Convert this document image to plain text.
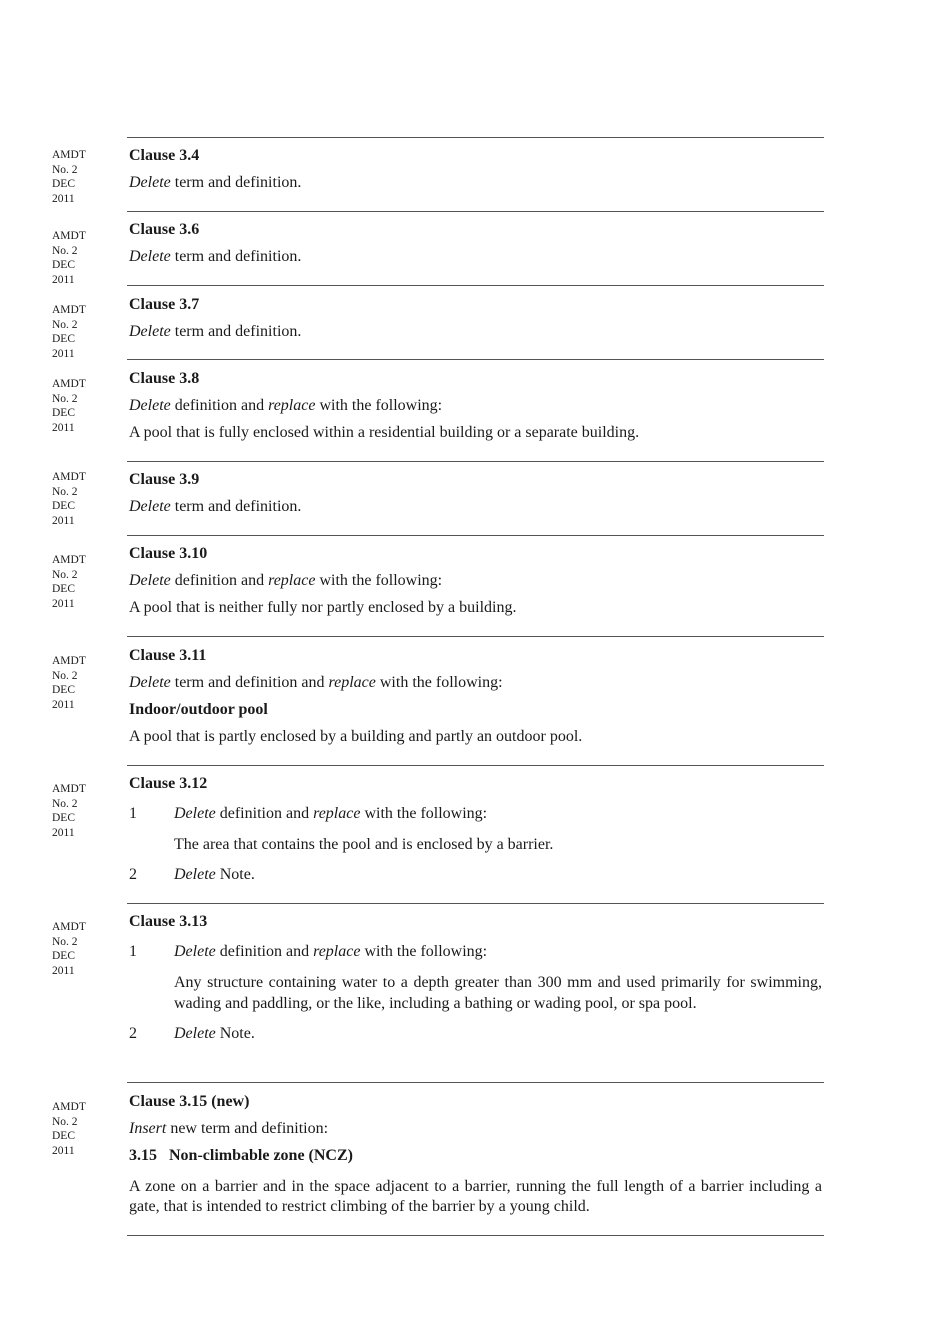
AMDT
No. 2
DEC
2011
AMDT
No. 2
DEC
2011
AMDT
No. 2
DEC
2011
AMDT
No. 2
DEC
2011
AMDT
No. 2
DEC
2011
AMDT
No. 2
DEC
2011
AMDT
No. 2
DEC
2011
AMDT
No. 2
DEC
2011
AMDT
No. 2
DEC
2011
AMDT
No. 2
DEC
2011
Clause 3.4
Delete term and definition.
Clause 3.6
Delete term and definition.
Clause 3.7
Delete term and definition.
Clause 3.8
Delete definition and replace with the following:
A pool that is fully enclosed within a residential building or a separate building.
Clause 3.9
Delete term and definition.
Clause 3.10
Delete definition and replace with the following:
A pool that is neither fully nor partly enclosed by a building.
Clause 3.11
Delete term and definition and replace with the following:
Indoor/outdoor pool
A pool that is partly enclosed by a building and partly an outdoor pool.
Clause 3.12
1	Delete definition and replace with the following:
The area that contains the pool and is enclosed by a barrier.
2	Delete Note.
Clause 3.13
1	Delete definition and replace with the following:
Any structure containing water to a depth greater than 300 mm and used primarily for swimming, wading and paddling, or the like, including a bathing or wading pool, or spa pool.
2	Delete Note.
Clause 3.15 (new)
Insert new term and definition:
3.15   Non-climbable zone (NCZ)
A zone on a barrier and in the space adjacent to a barrier, running the full length of a barrier including a gate, that is intended to restrict climbing of the barrier by a young child.
